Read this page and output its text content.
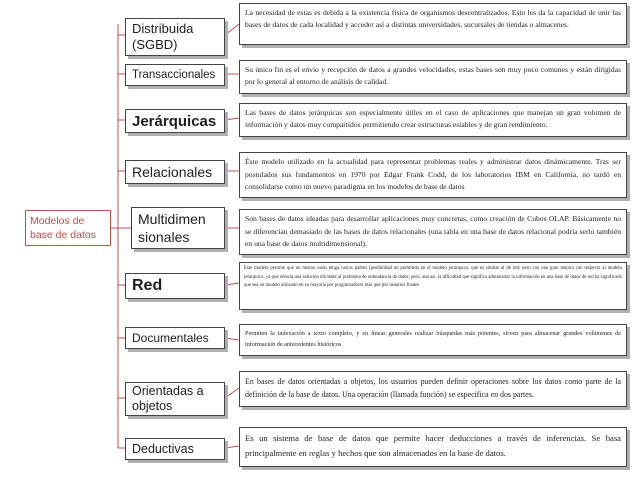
Modelos de
base de datos
Distribuida
(SGBD)
Transaccionales
Jerárquicas
Relacionales
Multidimen
sionales
Red
Documentales
Orientadas a
objetos
Deductivas
La necesidad de estas es debida a la existencia física de organismos descentralizados. Esto les da la capacidad de unir las bases de datos de cada localidad y acceder así a distintas universidades, sucursales de tiendas o almacenes.
Su único fin es el envío y recepción de datos a grandes velocidades, estas bases son muy poco comunes y están dirigidas por lo general al entorno de análisis de calidad.
Las bases de datos jerárquicas son especialmente útiles en el caso de aplicaciones que manejan un gran volumen de información y datos muy compartidos permitiendo crear estructuras estables y de gran rendimiento.
Éste modelo utilizado en la actualidad para representar problemas reales y administrar datos dinámicamente. Tras ser postulados sus fundamentos en 1970 por Edgar Frank Codd, de los laboratorios IBM en California, no tardó en consolidarse como un nuevo paradigma en los modelos de base de datos
Son bases de datos ideadas para desarrollar aplicaciones muy concretas, como creación de Cubos OLAP. Básicamente no se diferencian demasiado de las bases de datos relacionales (una tabla en una base de datos relacional podría serlo también en una base de datos multidimensional).
Este modelo permite que un mismo nodo tenga varios padres (posibilidad no permitida en el modelo jerárquico, que es similar al de red; pero con una gran mejora con respecto al modelo jerárquico, ya que ofrecía una solución eficiente al problema de redundancia de datos; pero, aun así, la dificultad que significa administrar la información en una base de datos de red ha significado que sea un modelo utilizado en su mayoría por programadores más que por usuarios finales
Permiten la indexación a texto completo, y en líneas generales realizar búsquedas más potentes, sirven para almacenar grandes volúmenes de información de antecedentes históricos
En bases de datos orientadas a objetos, los usuarios pueden definir operaciones sobre los datos como parte de la definición de la base de datos. Una operación (llamada función) se especifica en dos partes.
Es un sistema de base de datos que permite hacer deducciones a través de inferencias. Se basa principalmente en reglas y hechos que son almacenados en la base de datos.
